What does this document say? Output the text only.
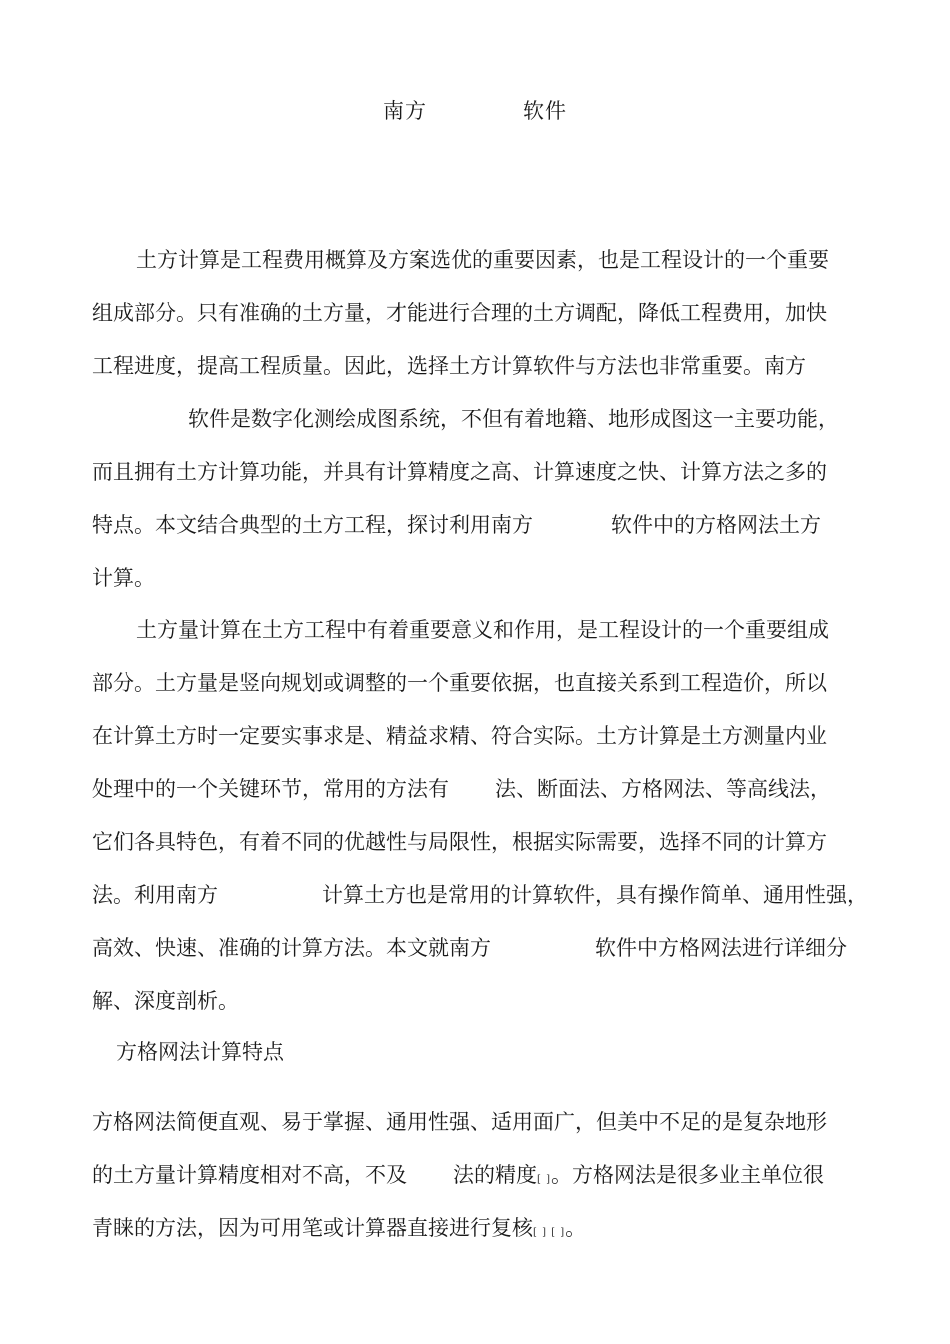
南方	软件

土方计算是工程费用概算及方案选优的重要因素，也是工程设计的一个重要
组成部分。只有准确的土方量，才能进行合理的土方调配，降低工程费用，加快
工程进度，提高工程质量。因此，选择土方计算软件与方法也非常重要。南方
软件是数字化测绘成图系统，不但有着地籍、地形成图这一主要功能，
而且拥有土方计算功能，并具有计算精度之高、计算速度之快、计算方法之多的
特点。本文结合典型的土方工程，探讨利用南方	软件中的方格网法土方
计算。

土方量计算在土方工程中有着重要意义和作用，是工程设计的一个重要组成
部分。土方量是竖向规划或调整的一个重要依据，也直接关系到工程造价，所以
在计算土方时一定要实事求是、精益求精、符合实际。土方计算是土方测量内业
处理中的一个关键环节，常用的方法有 法、断面法、方格网法、等高线法，
它们各具特色，有着不同的优越性与局限性，根据实际需要，选择不同的计算方
法。利用南方	计算土方也是常用的计算软件，具有操作简单、通用性强，
高效、快速、准确的计算方法。本文就南方	软件中方格网法进行详细分
解、深度剖析。

方格网法计算特点

方格网法简便直观、易于掌握、通用性强、适用面广，但美中不足的是复杂地形
的土方量计算精度相对不高，不及 法的精度[ ]。方格网法是很多业主单位很
青睐的方法，因为可用笔或计算器直接进行复核[ ] [ ]。
